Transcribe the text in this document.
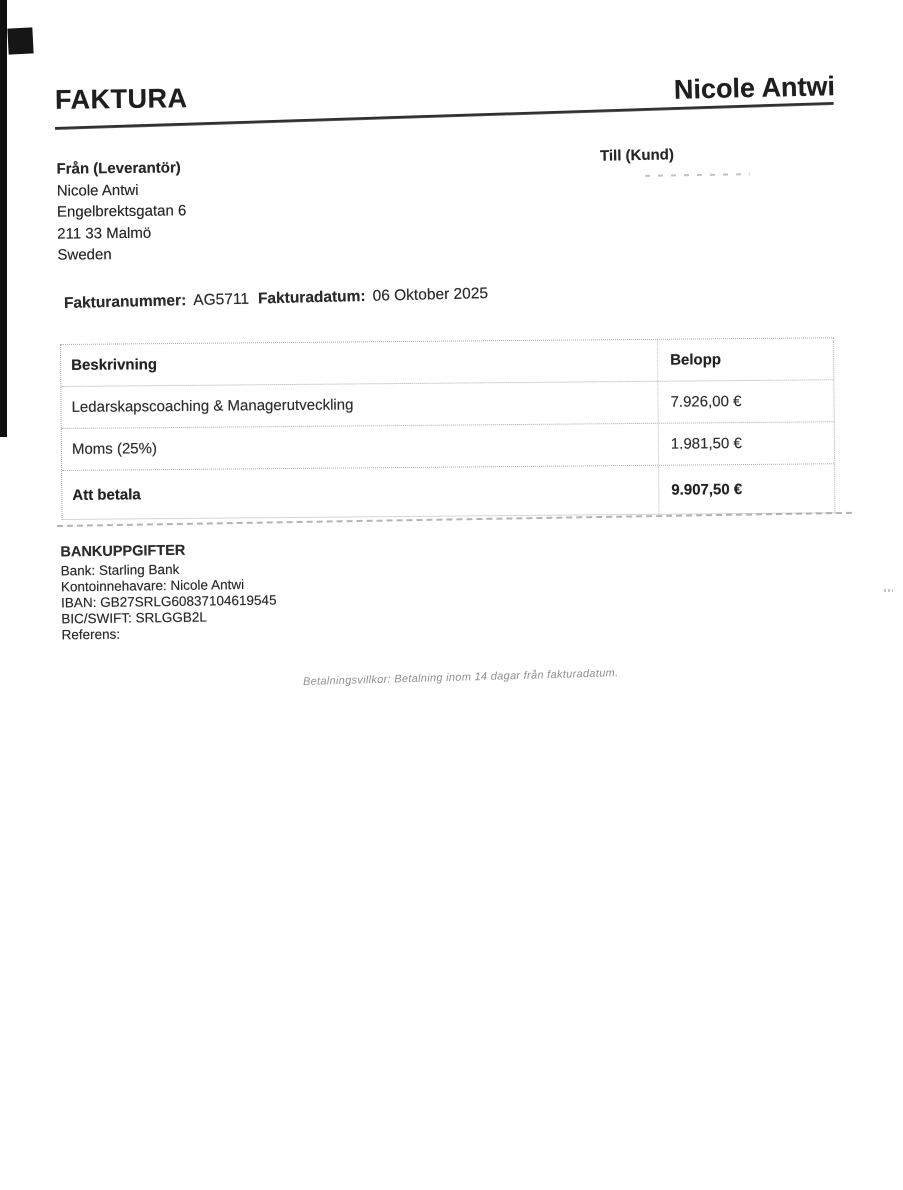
FAKTURA	Nicole Antwi
Från (Leverantör)
Nicole Antwi
Engelbrektsgatan 6
211 33 Malmö
Sweden
Till (Kund)
Fakturanummer: AG5711 Fakturadatum: 06 Oktober 2025
Beskrivning	Belopp
Ledarskapscoaching & Managerutveckling	7.926,00 €
Moms (25%)	1.981,50 €
Att betala	9.907,50 €
BANKUPPGIFTER
Bank: Starling Bank
Kontoinnehavare: Nicole Antwi
IBAN: GB27SRLG60837104619545
BIC/SWIFT: SRLGGB2L
Referens:
Betalningsvillkor: Betalning inom 14 dagar från fakturadatum.
